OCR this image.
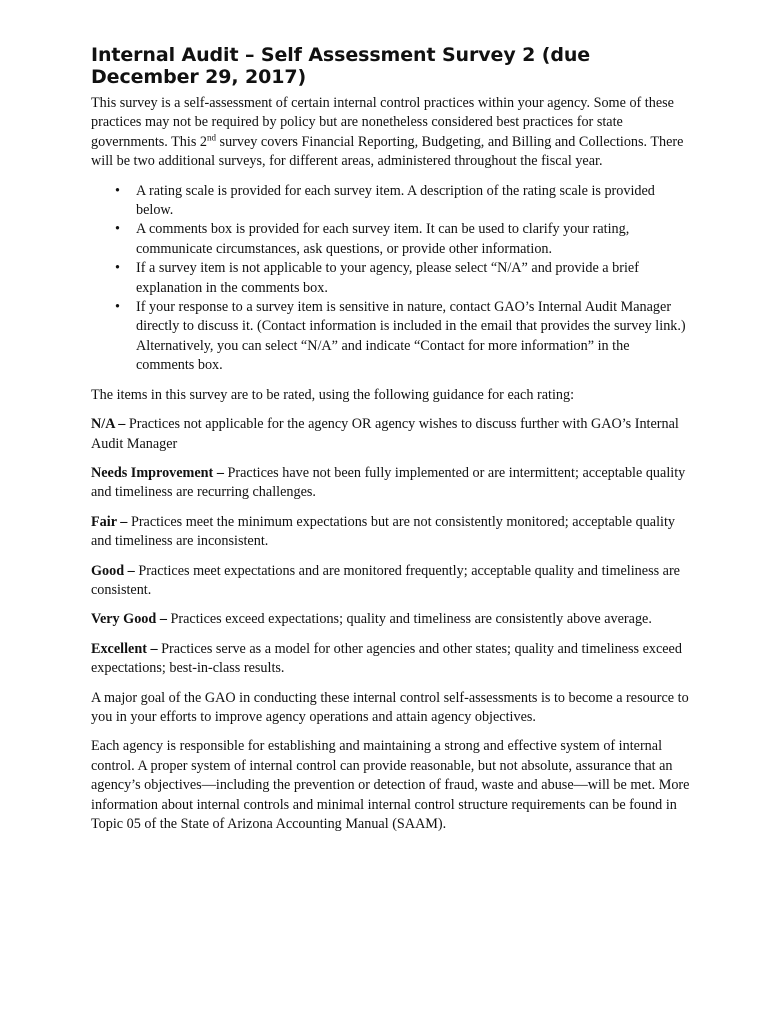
Internal Audit – Self Assessment Survey 2 (due December 29, 2017)

This survey is a self-assessment of certain internal control practices within your agency. Some of these practices may not be required by policy but are nonetheless considered best practices for state governments. This 2nd survey covers Financial Reporting, Budgeting, and Billing and Collections. There will be two additional surveys, for different areas, administered throughout the fiscal year.

• A rating scale is provided for each survey item. A description of the rating scale is provided below.
• A comments box is provided for each survey item. It can be used to clarify your rating, communicate circumstances, ask questions, or provide other information.
• If a survey item is not applicable to your agency, please select “N/A” and provide a brief explanation in the comments box.
• If your response to a survey item is sensitive in nature, contact GAO’s Internal Audit Manager directly to discuss it. (Contact information is included in the email that provides the survey link.) Alternatively, you can select “N/A” and indicate “Contact for more information” in the comments box.

The items in this survey are to be rated, using the following guidance for each rating:

N/A – Practices not applicable for the agency OR agency wishes to discuss further with GAO’s Internal Audit Manager

Needs Improvement – Practices have not been fully implemented or are intermittent; acceptable quality and timeliness are recurring challenges.

Fair – Practices meet the minimum expectations but are not consistently monitored; acceptable quality and timeliness are inconsistent.

Good – Practices meet expectations and are monitored frequently; acceptable quality and timeliness are consistent.

Very Good – Practices exceed expectations; quality and timeliness are consistently above average.

Excellent – Practices serve as a model for other agencies and other states; quality and timeliness exceed expectations; best-in-class results.

A major goal of the GAO in conducting these internal control self-assessments is to become a resource to you in your efforts to improve agency operations and attain agency objectives.

Each agency is responsible for establishing and maintaining a strong and effective system of internal control. A proper system of internal control can provide reasonable, but not absolute, assurance that an agency’s objectives—including the prevention or detection of fraud, waste and abuse—will be met. More information about internal controls and minimal internal control structure requirements can be found in Topic 05 of the State of Arizona Accounting Manual (SAAM).
